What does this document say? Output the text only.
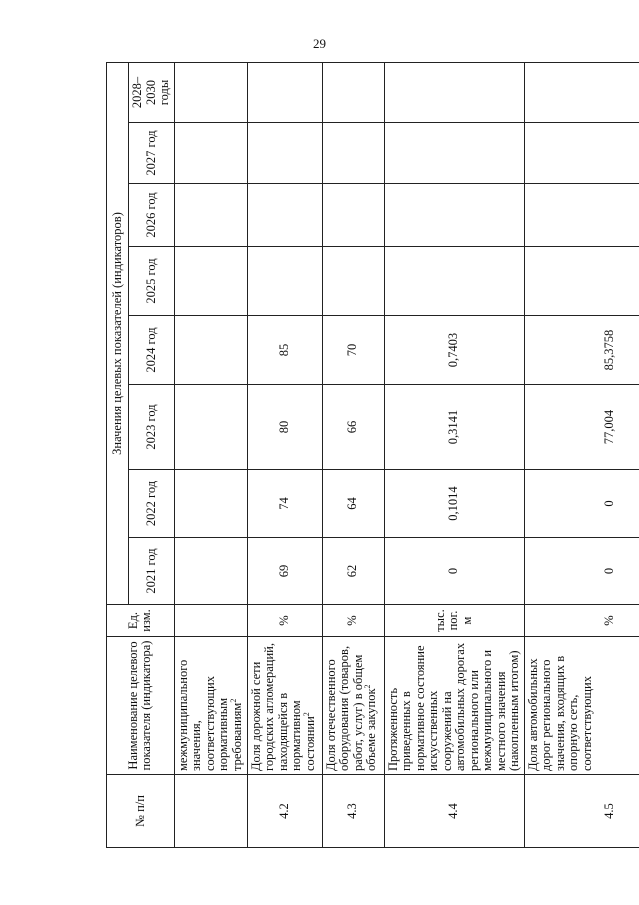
29
№ п/п	Наименование целевого показателя (индикатора)	Ед. изм.	Значения целевых показателей (индикаторов)							
			2021 год	2022 год	2023 год	2024 год	2025 год	2026 год	2027 год	2028–2030 годы
	межмуниципального значения, соответствующих нормативным требованиям$^2$									
4.2	Доля дорожной сети городских агломераций, находящейся в нормативном состоянии$^2$	%	69	74	80	85				
4.3	Доля отечественного оборудования (товаров, работ, услуг) в общем объеме закупок$^2$	%	62	64	66	70				
4.4	Протяженность приведенных в нормативное состояние искусственных сооружений на автомобильных дорогах регионального или межмуниципального и местного значения (накопленным итогом)	тыс. пог. м	0	0,1014	0,3141	0,7403				
4.5	Доля автомобильных дорог регионального значения, входящих в опорную сеть, соответствующих	%	0	0	77,004	85,3758				
